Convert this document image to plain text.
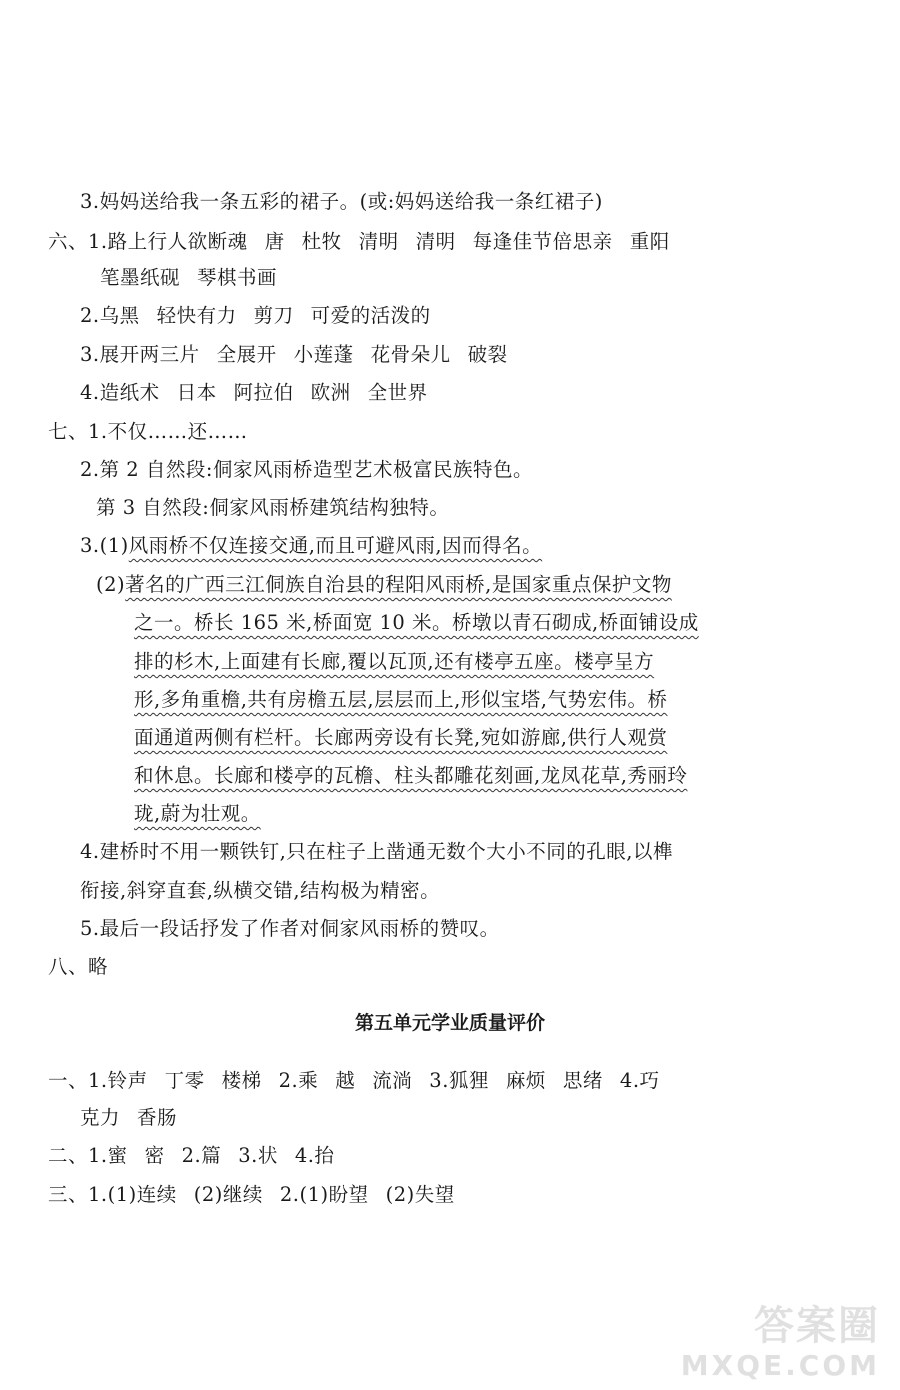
3.妈妈送给我一条五彩的裙子。(或:妈妈送给我一条红裙子)
六、1.路上行人欲断魂 唐 杜牧 清明 清明 每逢佳节倍思亲 重阳
笔墨纸砚 琴棋书画
2.乌黑 轻快有力 剪刀 可爱的活泼的
3.展开两三片 全展开 小莲蓬 花骨朵儿 破裂
4.造纸术 日本 阿拉伯 欧洲 全世界
七、1.不仅……还……
2.第 2 自然段:侗家风雨桥造型艺术极富民族特色。
第 3 自然段:侗家风雨桥建筑结构独特。
3.(1)风雨桥不仅连接交通,而且可避风雨,因而得名。
(2)著名的广西三江侗族自治县的程阳风雨桥,是国家重点保护文物
之一。桥长 165 米,桥面宽 10 米。桥墩以青石砌成,桥面铺设成
排的杉木,上面建有长廊,覆以瓦顶,还有楼亭五座。楼亭呈方
形,多角重檐,共有房檐五层,层层而上,形似宝塔,气势宏伟。桥
面通道两侧有栏杆。长廊两旁设有长凳,宛如游廊,供行人观赏
和休息。长廊和楼亭的瓦檐、柱头都雕花刻画,龙凤花草,秀丽玲
珑,蔚为壮观。
4.建桥时不用一颗铁钉,只在柱子上凿通无数个大小不同的孔眼,以榫
衔接,斜穿直套,纵横交错,结构极为精密。
5.最后一段话抒发了作者对侗家风雨桥的赞叹。
八、略
第五单元学业质量评价
一、1.铃声 丁零 楼梯 2.乘 越 流淌 3.狐狸 麻烦 思绪 4.巧
克力 香肠
二、1.蜜 密 2.篇 3.状 4.抬
三、1.(1)连续 (2)继续 2.(1)盼望 (2)失望
答案圈
MXQE.COM
